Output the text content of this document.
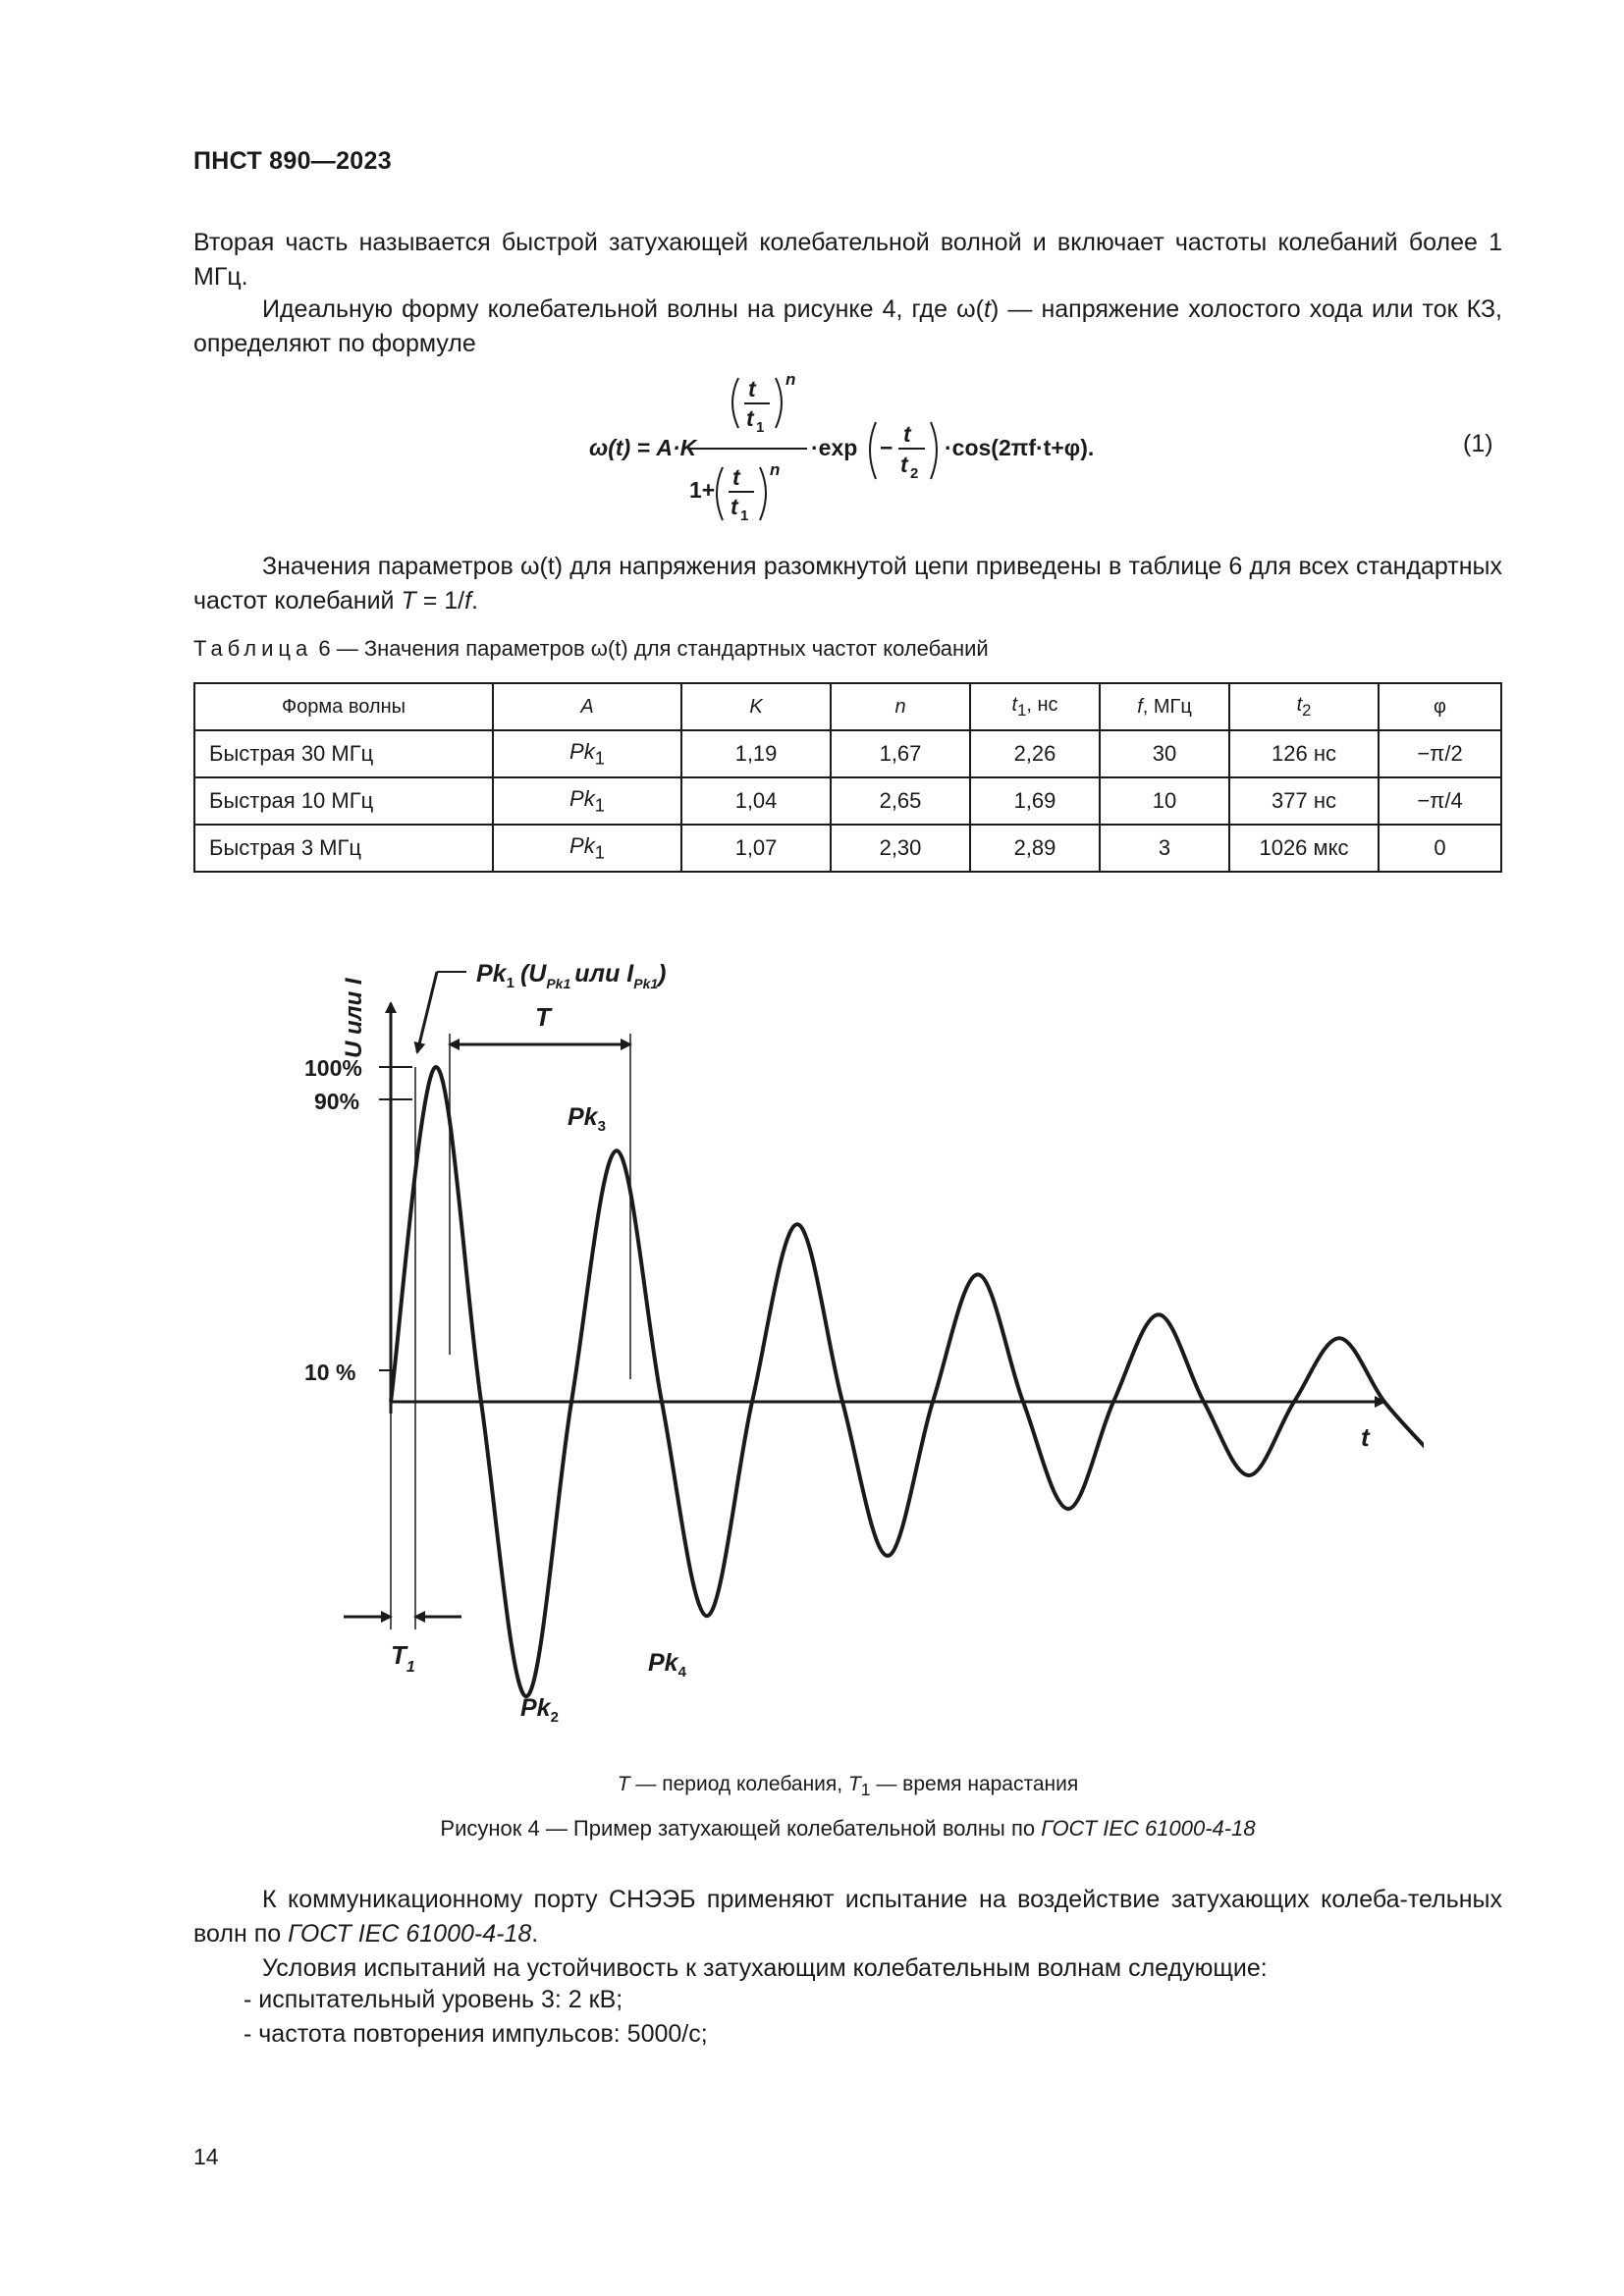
ПНСТ 890—2023
Вторая часть называется быстрой затухающей колебательной волной и включает частоты колебаний более 1 МГц.
Идеальную форму колебательной волны на рисунке 4, где ω(t) — напряжение холостого хода или ток КЗ, определяют по формуле
ω(t) = A·K
t
t 1
n
1+ t
t 1
n
·exp −
t
t 2
·cos(2πf·t+φ).	(1)
Значения параметров ω(t) для напряжения разомкнутой цепи приведены в таблице 6 для всех стандартных частот колебаний T = 1/f.
Таблица 6 — Значения параметров ω(t) для стандартных частот колебаний
Форма волны	A	K	n	$t_1$, нс	f, МГц	$t_2$	φ
Быстрая 30 МГц	$Pk_1$	1,19	1,67	2,26	30	126 нс	−π/2
Быстрая 10 МГц	$Pk_1$	1,04	2,65	1,69	10	377 нс	−π/4
Быстрая 3 МГц	$Pk_1$	1,07	2,30	2,89	3	1026 мкс	0
100%
90%
10 %
U или I
t
T
$T_1$
$Pk_1$ ($U_{Pk1}$ или $I_{Pk1}$)
$Pk_3$
$Pk_2$
$Pk_4$
T — период колебания, $T_1$ — время нарастания
Рисунок 4 — Пример затухающей колебательной волны по ГОСТ IEC 61000-4-18
К коммуникационному порту СНЭЭБ применяют испытание на воздействие затухающих колеба-тельных волн по ГОСТ IEC 61000-4-18.
Условия испытаний на устойчивость к затухающим колебательным волнам следующие:
- испытательный уровень 3: 2 кВ;
- частота повторения импульсов: 5000/с;
14
